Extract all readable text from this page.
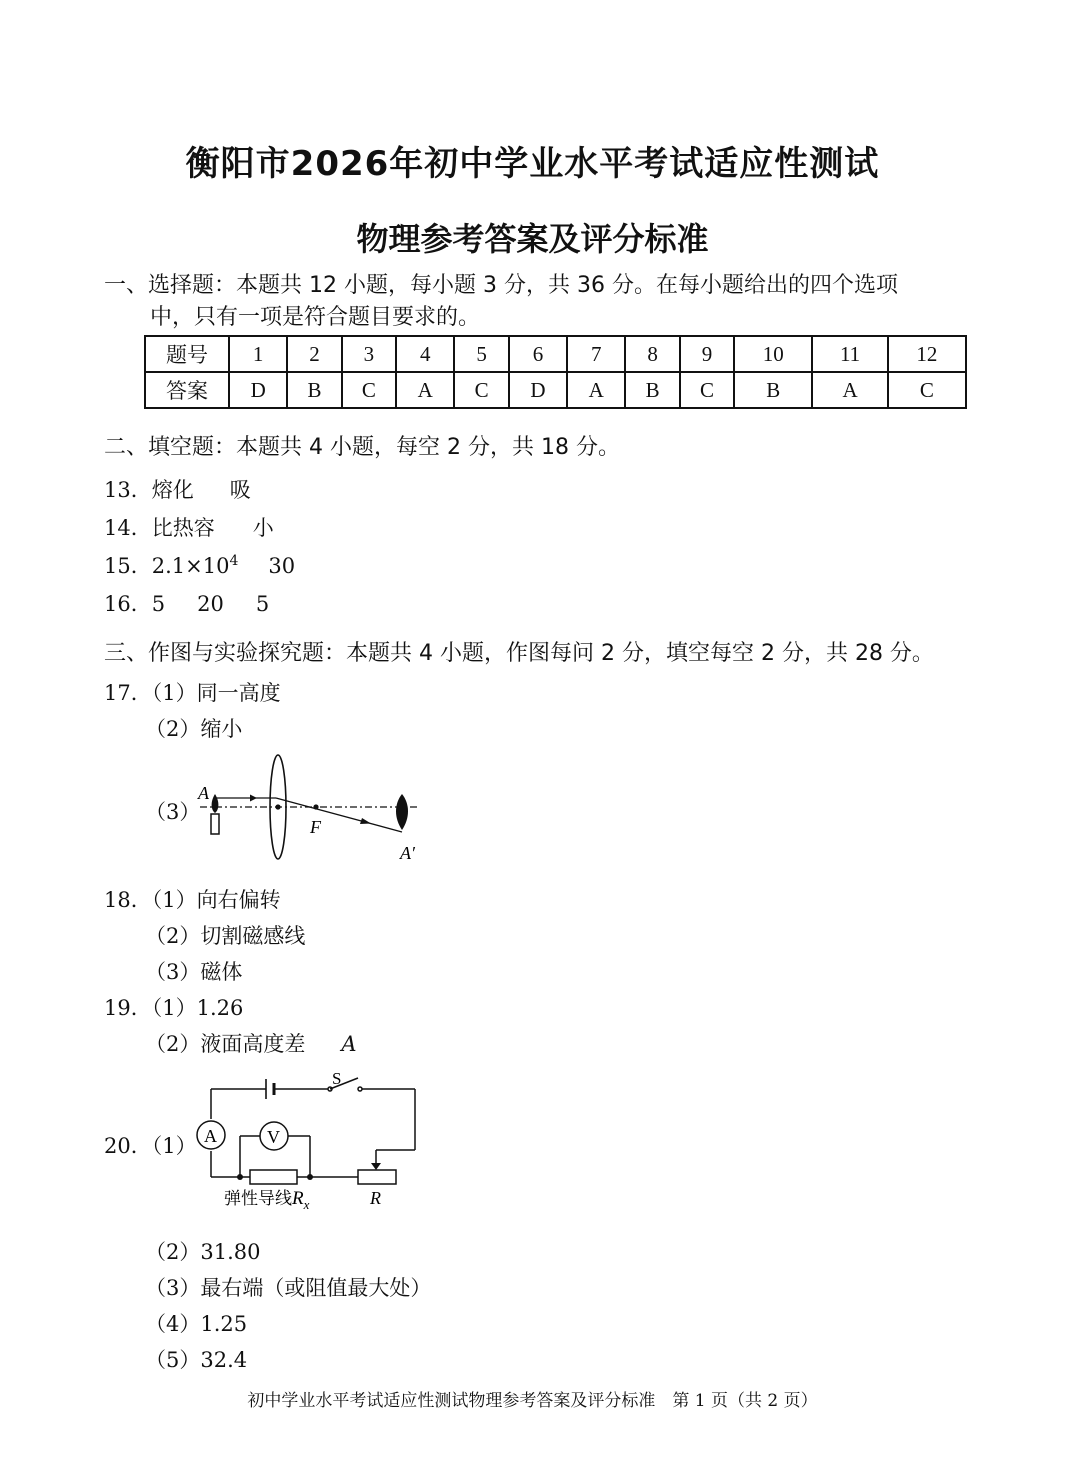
衡阳市2026年初中学业水平考试适应性测试
物理参考答案及评分标准
一、选择题：本题共 12 小题，每小题 3 分，共 36 分。在每小题给出的四个选项
中，只有一项是符合题目要求的。
题号	1	2	3	4	5	6	7	8	9	10	11	12
答案	D	B	C	A	C	D	A	B	C	B	A	C
二、填空题：本题共 4 小题，每空 2 分，共 18 分。
13．熔化 吸
14．比热容 小
15．$2.1\times 10^4$ 30
16．5 20 5
三、作图与实验探究题：本题共 4 小题，作图每问 2 分，填空每空 2 分，共 28 分。
17．（1）同一高度
（2）缩小
（3）
A
F
A′
18．（1）向右偏转
（2）切割磁感线
（3）磁体
19．（1）1.26
（2）液面高度差 A
20．（1） A	V
S
弹性导线$R_x$	R
（2）31.80
（3）最右端（或阻值最大处）
（4）1.25
（5）32.4
初中学业水平考试适应性测试物理参考答案及评分标准　第 1 页（共 2 页）
